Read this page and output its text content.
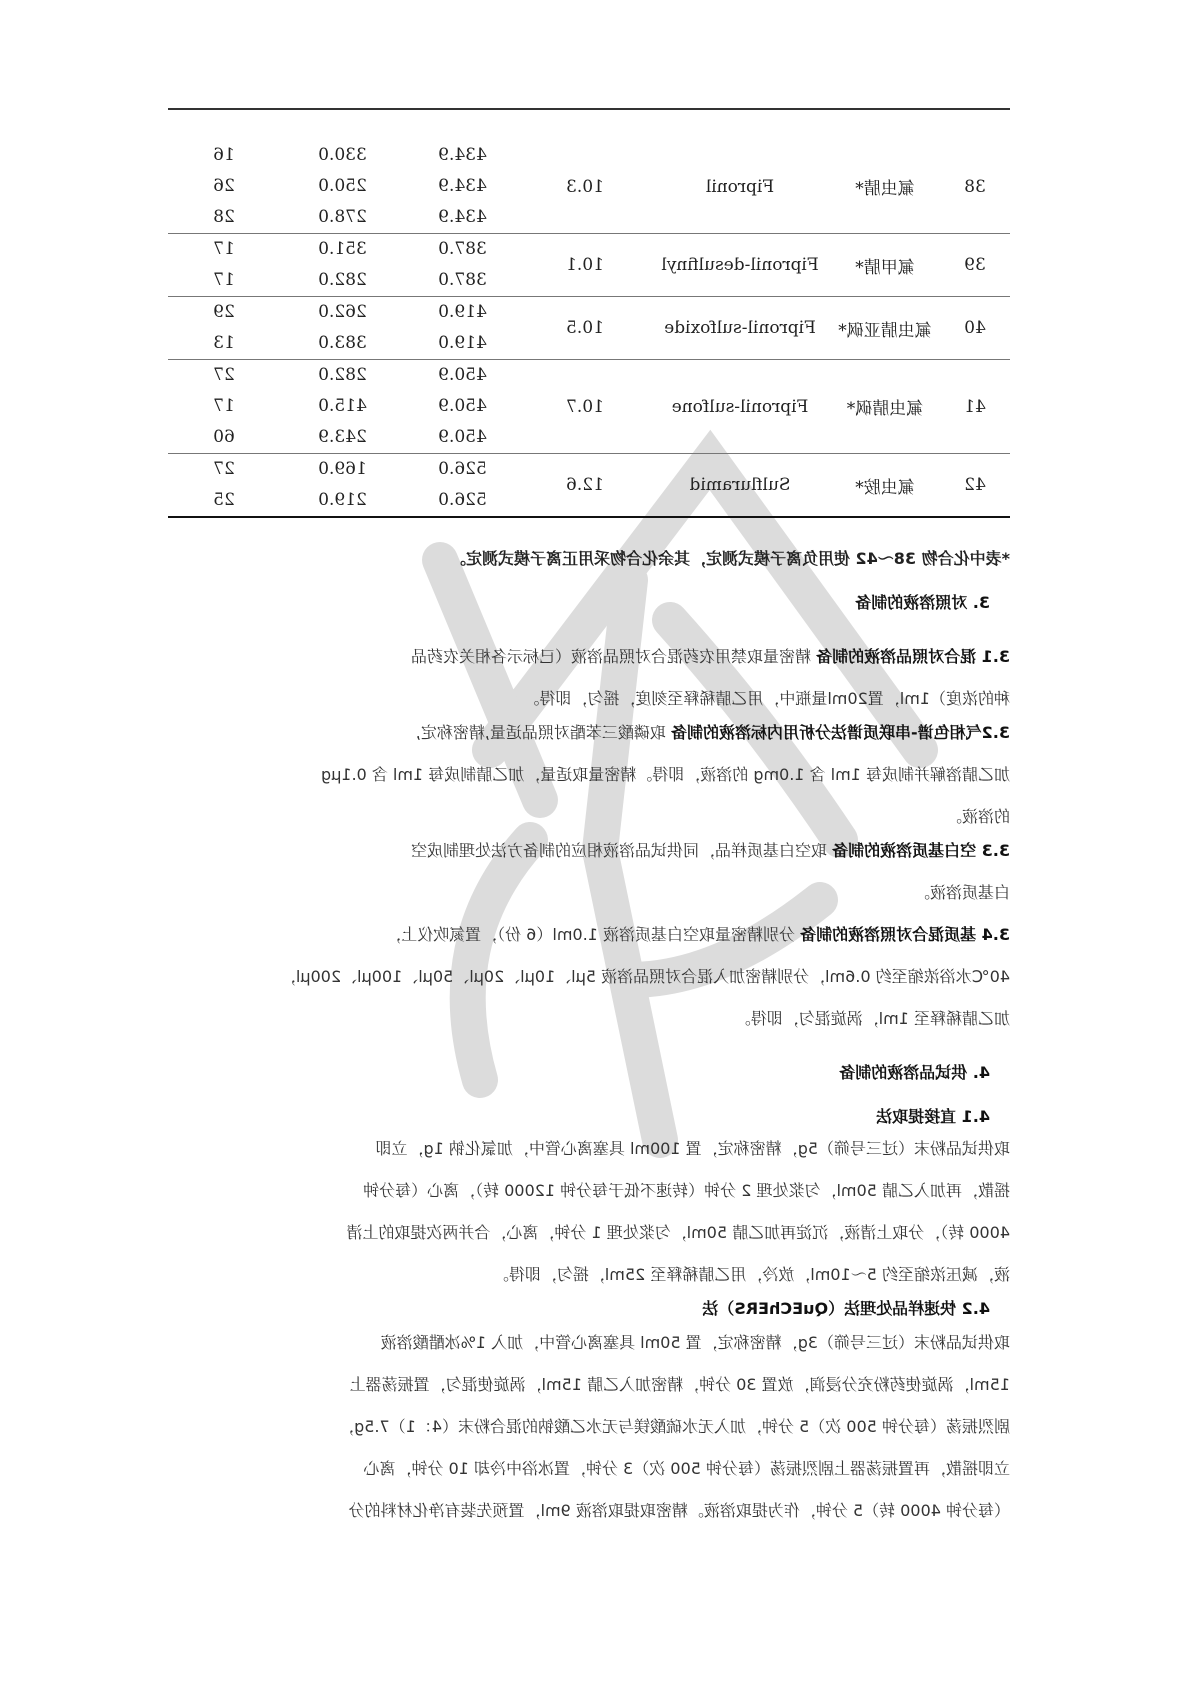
38	氟虫腈*	Fipronil	10.3	434.9	330.0	16
				434.9	250.0	26
				434.9	278.0	28
39	氟甲腈*	Fipronil-desulfinyl	10.1	387.0	351.0	17
				387.0	282.0	17
40	氟虫腈亚砜*	Fipronil-sulfoxide	10.5	419.0	262.0	29
				419.0	383.0	13
41	氟虫腈砜*	Fipronil-sulfone	10.7	450.9	282.0	27
				450.9	415.0	17
				450.9	243.9	60
42	氟虫胺*	Sulfluramid	12.6	526.0	169.0	27
				526.0	219.0	25
*表中化合物 38～42 使用负离子模式测定，其余化合物采用正离子模式测定。
3. 对照溶液的制备
3.1 混合对照品溶液的制备 精密量取禁用农药混合对照品溶液（已标示各相关农药品
种的浓度）1ml，置20ml量瓶中，用乙腈稀释至刻度，摇匀，即得。
3.2气相色谱-串联质谱法分析用内标溶液的制备 取磷酸三苯酯对照品适量,精密称定,
加乙腈溶解并制成每 1ml 含 1.0mg 的溶液，即得。精密量取适量，加乙腈制成每 1ml 含 0.1μg
的溶液。
3.3 空白基质溶液的制备 取空白基质样品，同供试品溶液相应的制备方法处理制成空
白基质溶液。
3.4 基质混合对照溶液的制备 分别精密量取空白基质溶液 1.0ml（6 份），置氮吹仪上，
40℃水浴浓缩至约 0.6ml，分别精密加入混合对照品溶液 5μl、10μl、20μl、50μl、100μl、200μl，
加乙腈稀释至 1ml，涡旋混匀，即得。
4. 供试品溶液的制备
4.1 直接提取法
取供试品粉末（过三号筛）5g，精密称定，置 100ml 具塞离心管中，加氯化钠 1g，立即
摇散，再加入乙腈 50ml，匀浆处理 2 分钟（转速不低于每分钟 12000 转），离心（每分钟
4000 转），分取上清液，沉淀再加乙腈 50ml，匀浆处理 1 分钟，离心，合并两次提取的上清
液，减压浓缩至约 5～10ml，放冷，用乙腈稀释至 25ml，摇匀，即得。
4.2 快速样品处理法（QuEChERS）法
取供试品粉末（过三号筛）3g，精密称定，置 50ml 具塞离心管中，加入 1%冰醋酸溶液
15ml，涡旋使药粉充分浸润，放置 30 分钟，精密加入乙腈 15ml，涡旋使混匀，置振荡器上
剧烈振荡（每分钟 500 次）5 分钟，加入无水硫酸镁与无水乙酸钠的混合粉末（4：1）7.5g，
立即摇散，再置振荡器上剧烈振荡（每分钟 500 次）3 分钟，置冰浴中冷却 10 分钟，离心
（每分钟 4000 转）5 分钟，作为提取溶液。精密取提取溶液 9ml，置预先装有净化材料的分
